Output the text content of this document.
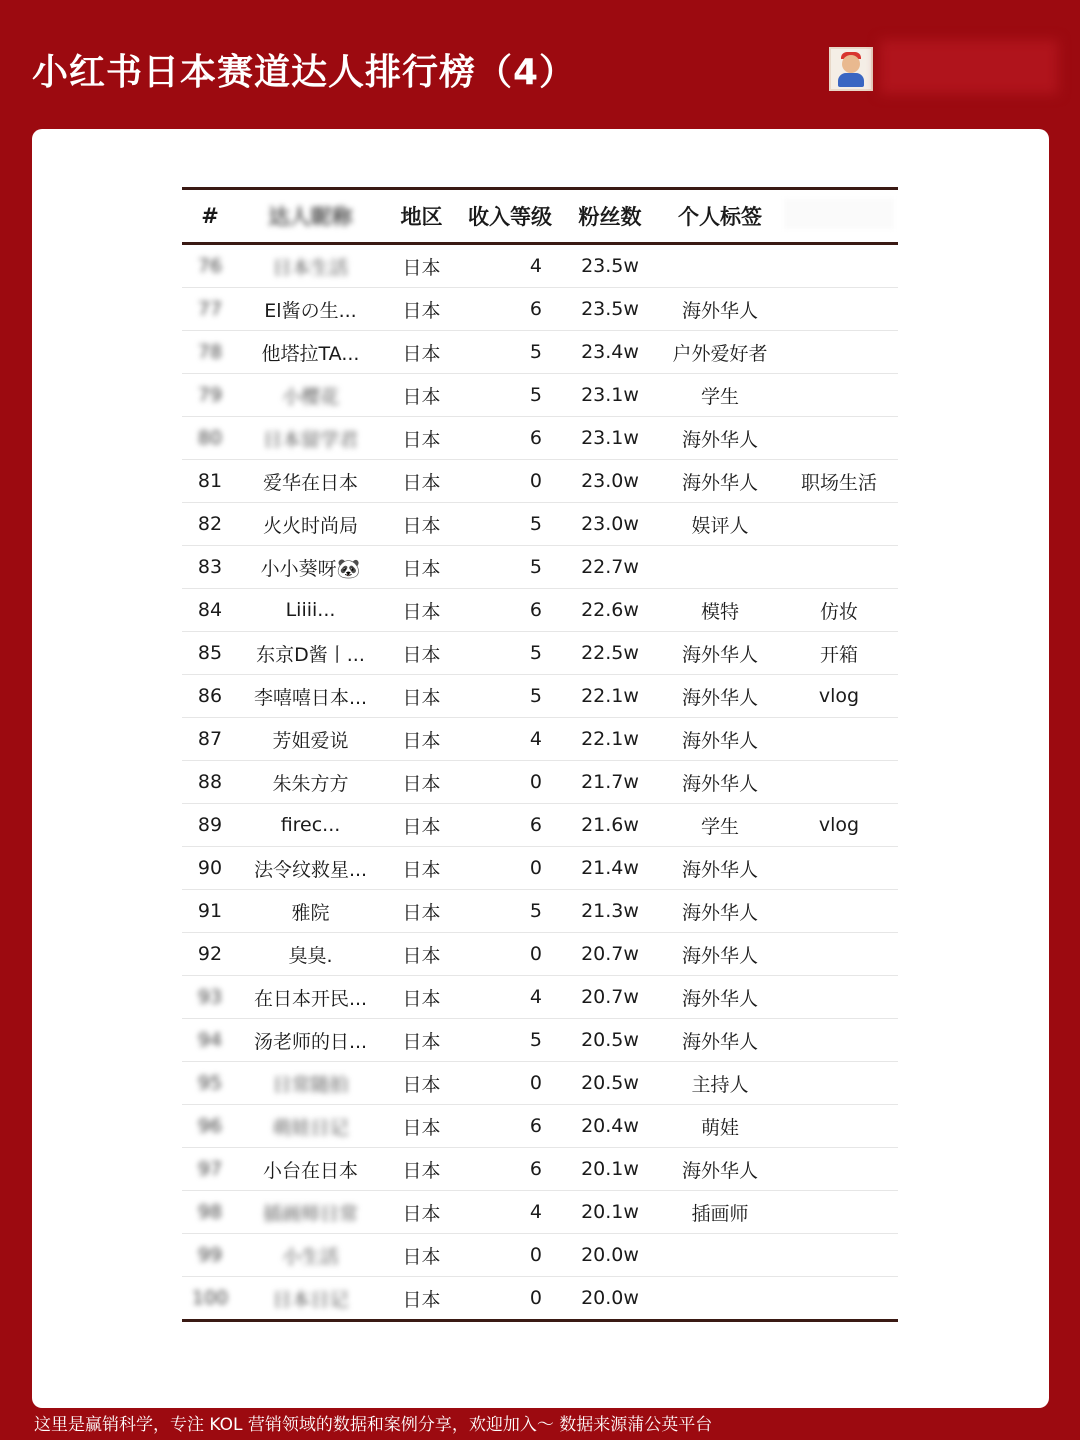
小红书日本赛道达人排行榜（4）
#	达人昵称	地区	收入等级	粉丝数	个人标签	
76	日本生活	日本	4	23.5w		
77	El酱の生...	日本	6	23.5w	海外华人	
78	他塔拉TA...	日本	5	23.4w	户外爱好者	
79	小樱花	日本	5	23.1w	学生	
80	日本留学君	日本	6	23.1w	海外华人	
81	爱华在日本	日本	0	23.0w	海外华人	职场生活
82	火火时尚局	日本	5	23.0w	娱评人	
83	小小葵呀🐼	日本	5	22.7w		
84	Liiii...	日本	6	22.6w	模特	仿妆
85	东京D酱丨...	日本	5	22.5w	海外华人	开箱
86	李嘻嘻日本...	日本	5	22.1w	海外华人	vlog
87	芳姐爱说	日本	4	22.1w	海外华人	
88	朱朱方方	日本	0	21.7w	海外华人	
89	firec...	日本	6	21.6w	学生	vlog
90	法令纹救星...	日本	0	21.4w	海外华人	
91	雅院	日本	5	21.3w	海外华人	
92	臭臭.	日本	0	20.7w	海外华人	
93	在日本开民...	日本	4	20.7w	海外华人	
94	汤老师的日...	日本	5	20.5w	海外华人	
95	日常随拍	日本	0	20.5w	主持人	
96	萌娃日记	日本	6	20.4w	萌娃	
97	小台在日本	日本	6	20.1w	海外华人	
98	插画师日常	日本	4	20.1w	插画师	
99	小生活	日本	0	20.0w		
100	日本日记	日本	0	20.0w		

这里是赢销科学，专注 KOL 营销领域的数据和案例分享，欢迎加入～ 数据来源蒲公英平台
